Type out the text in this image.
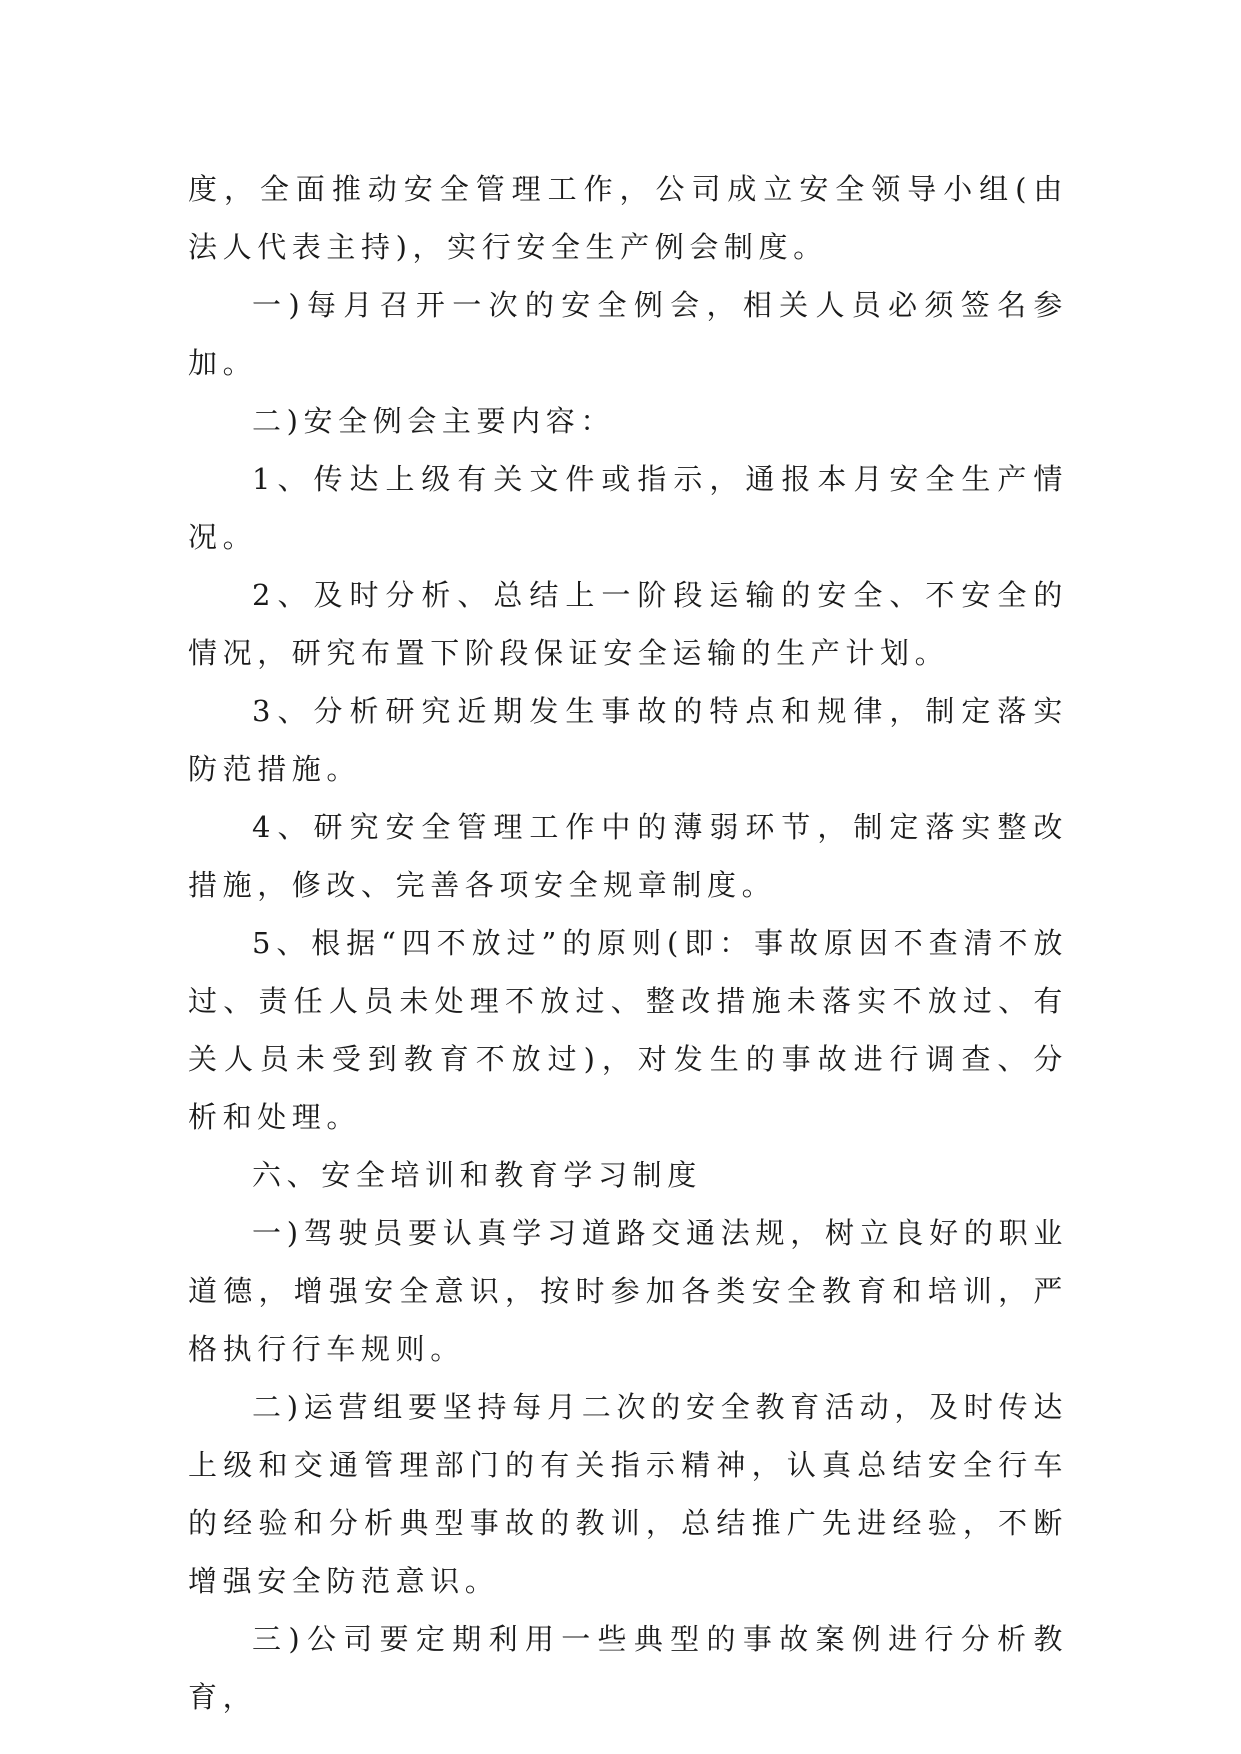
度，全面推动安全管理工作，公司成立安全领导小组(由法人代表主持)，实行安全生产例会制度。

一)每月召开一次的安全例会，相关人员必须签名参加。

二)安全例会主要内容：

1、传达上级有关文件或指示，通报本月安全生产情况。

2、及时分析、总结上一阶段运输的安全、不安全的情况，研究布置下阶段保证安全运输的生产计划。

3、分析研究近期发生事故的特点和规律，制定落实防范措施。

4、研究安全管理工作中的薄弱环节，制定落实整改措施，修改、完善各项安全规章制度。

5、根据“四不放过”的原则(即：事故原因不查清不放过、责任人员未处理不放过、整改措施未落实不放过、有关人员未受到教育不放过)，对发生的事故进行调查、分析和处理。

六、安全培训和教育学习制度

一)驾驶员要认真学习道路交通法规，树立良好的职业道德，增强安全意识，按时参加各类安全教育和培训，严格执行行车规则。

二)运营组要坚持每月二次的安全教育活动，及时传达上级和交通管理部门的有关指示精神，认真总结安全行车的经验和分析典型事故的教训，总结推广先进经验，不断增强安全防范意识。

三)公司要定期利用一些典型的事故案例进行分析教育，
